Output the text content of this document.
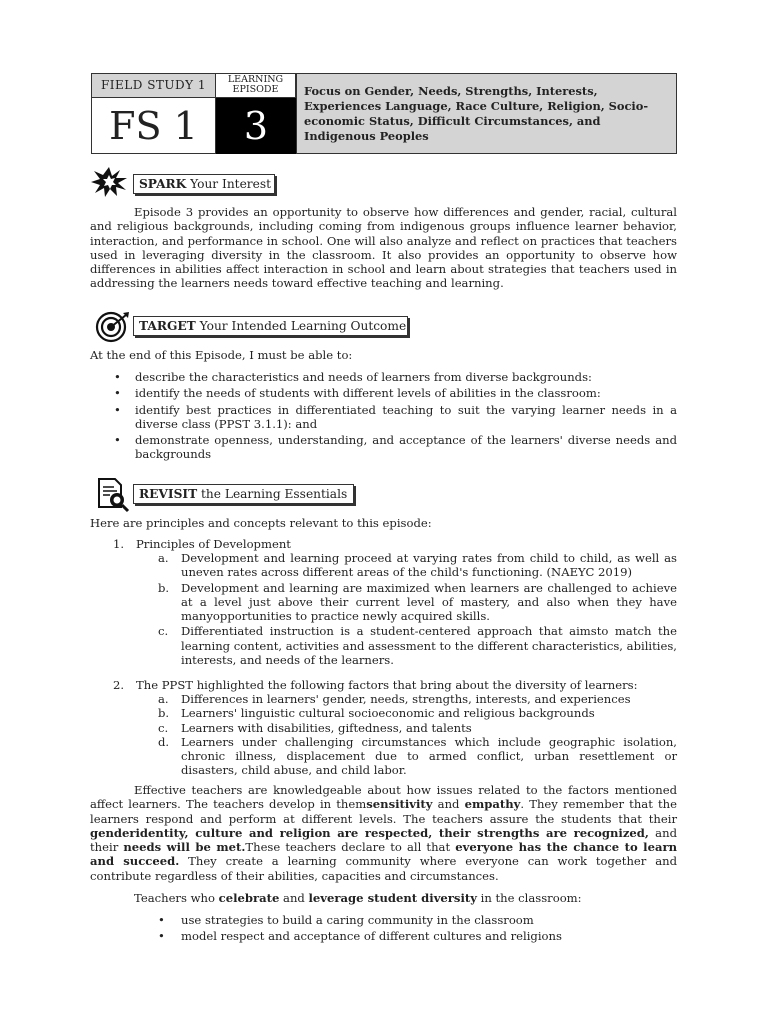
FIELD STUDY 1	LEARNING
EPISODE
FS 1	3
Focus on Gender, Needs, Strengths, Interests, Experiences Language, Race Culture, Religion, Socio-economic Status, Difficult Circumstances, and Indigenous Peoples
SPARK Your Interest
Episode 3 provides an opportunity to observe how differences and gender, racial, cultural and religious backgrounds, including coming from indigenous groups influence learner behavior, interaction, and performance in school. One will also analyze and reflect on practices that teachers used in leveraging diversity in the classroom. It also provides an opportunity to observe how differences in abilities affect interaction in school and learn about strategies that teachers used in addressing the learners needs toward effective teaching and learning.
TARGET Your Intended Learning Outcome
At the end of this Episode, I must be able to:
• describe the characteristics and needs of learners from diverse backgrounds:
• identify the needs of students with different levels of abilities in the classroom:
• identify best practices in differentiated teaching to suit the varying learner needs in a diverse class (PPST 3.1.1): and
• demonstrate openness, understanding, and acceptance of the learners' diverse needs and backgrounds
REVISIT the Learning Essentials
Here are principles and concepts relevant to this episode:
1. Principles of Development
a. Development and learning proceed at varying rates from child to child, as well as uneven rates across different areas of the child's functioning. (NAEYC 2019)
b. Development and learning are maximized when learners are challenged to achieve at a level just above their current level of mastery, and also when they have manyopportunities to practice newly acquired skills.
c. Differentiated instruction is a student-centered approach that aimsto match the learning content, activities and assessment to the different characteristics, abilities, interests, and needs of the learners.
2. The PPST highlighted the following factors that bring about the diversity of learners:
a. Differences in learners' gender, needs, strengths, interests, and experiences
b. Learners' linguistic cultural socioeconomic and religious backgrounds
c. Learners with disabilities, giftedness, and talents
d. Learners under challenging circumstances which include geographic isolation, chronic illness, displacement due to armed conflict, urban resettlement or disasters, child abuse, and child labor.
Effective teachers are knowledgeable about how issues related to the factors mentioned affect learners. The teachers develop in themsensitivity and empathy. They remember that the learners respond and perform at different levels. The teachers assure the students that their genderidentity, culture and religion are respected, their strengths are recognized, and their needs will be met.These teachers declare to all that everyone has the chance to learn and succeed. They create a learning community where everyone can work together and contribute regardless of their abilities, capacities and circumstances.
Teachers who celebrate and leverage student diversity in the classroom:
• use strategies to build a caring community in the classroom
• model respect and acceptance of different cultures and religions
